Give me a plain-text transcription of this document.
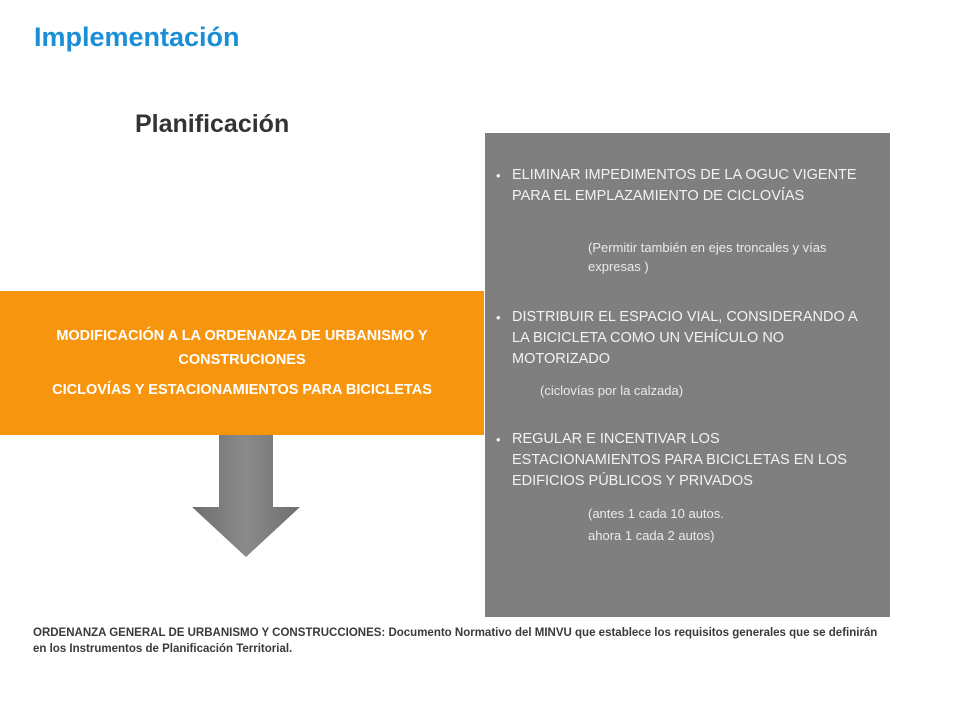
Implementación
Planificación
• ELIMINAR IMPEDIMENTOS DE LA OGUC VIGENTE PARA EL EMPLAZAMIENTO DE CICLOVÍAS
(Permitir también en ejes troncales y vías expresas )
• DISTRIBUIR EL ESPACIO VIAL, CONSIDERANDO A LA BICICLETA COMO UN VEHÍCULO NO MOTORIZADO
(ciclovías por la calzada)
• REGULAR E INCENTIVAR LOS ESTACIONAMIENTOS PARA BICICLETAS EN LOS EDIFICIOS PÚBLICOS Y PRIVADOS
(antes 1 cada 10 autos.
ahora 1 cada 2 autos)
MODIFICACIÓN A LA ORDENANZA DE URBANISMO Y CONSTRUCIONES
CICLOVÍAS Y ESTACIONAMIENTOS PARA BICICLETAS
ORDENANZA GENERAL DE URBANISMO Y CONSTRUCCIONES: Documento Normativo del MINVU que establece los requisitos generales que se definirán en los Instrumentos de Planificación Territorial.
